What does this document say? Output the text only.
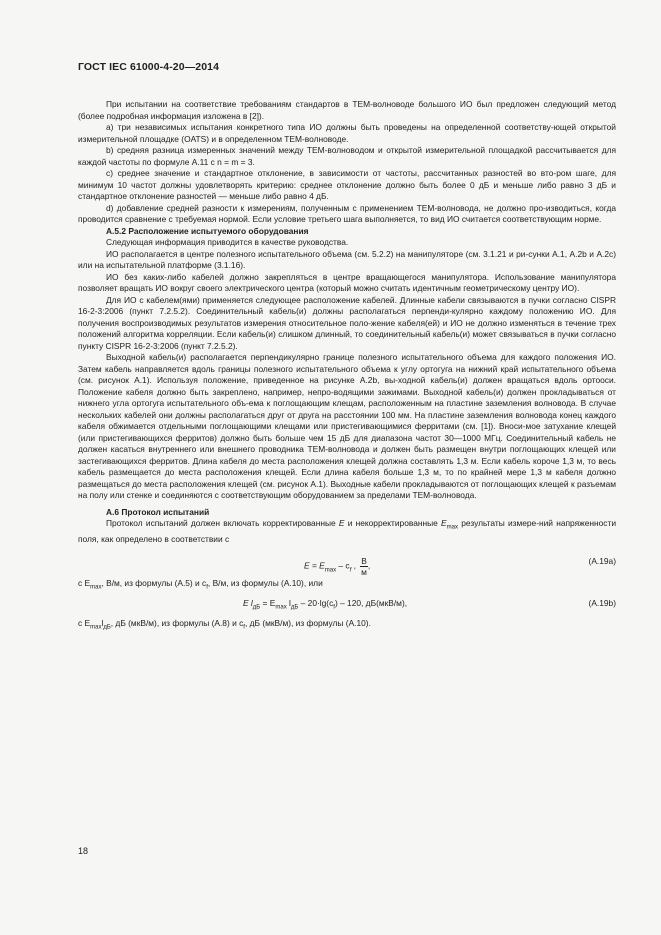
ГОСТ IEC 61000-4-20—2014

При испытании на соответствие требованиям стандартов в ТЕМ-волноводе большого ИО был предложен следующий метод (более подробная информация изложена в [2]).

a) три независимых испытания конкретного типа ИО должны быть проведены на определенной соответству-ющей открытой измерительной площадке (OATS) и в определенном ТЕМ-волноводе.

b) средняя разница измеренных значений между ТЕМ-волноводом и открытой измерительной площадкой рассчитывается для каждой частоты по формуле А.11 с n = m = 3.

c) среднее значение и стандартное отклонение, в зависимости от частоты, рассчитанных разностей во вто-ром шаге, для минимум 10 частот должны удовлетворять критерию: среднее отклонение должно быть более 0 дБ и меньше либо равно 3 дБ и стандартное отклонение разностей — меньше либо равно 4 дБ.

d) добавление средней разности к измерениям, полученным с применением ТЕМ-волновода, не должно про-изводиться, когда проводится сравнение с требуемая нормой. Если условие третьего шага выполняется, то вид ИО считается соответствующим норме.

А.5.2 Расположение испытуемого оборудования

Следующая информация приводится в качестве руководства.

ИО располагается в центре полезного испытательного объема (см. 5.2.2) на манипуляторе (см. 3.1.21 и ри-сунки А.1, А.2b и А.2c) или на испытательной платформе (3.1.16).

ИО без каких-либо кабелей должно закрепляться в центре вращающегося манипулятора. Использование манипулятора позволяет вращать ИО вокруг своего электрического центра (который можно считать идентичным геометрическому центру ИО).

Для ИО с кабелем(ями) применяется следующее расположение кабелей. Длинные кабели связываются в пучки согласно CISPR 16-2-3:2006 (пункт 7.2.5.2). Соединительный кабель(и) должны располагаться перпенди-кулярно каждому положению ИО. Для получения воспроизводимых результатов измерения относительное поло-жение кабеля(ей) и ИО не должно изменяться в течение трех положений алгоритма корреляции. Если кабель(и) слишком длинный, то соединительный кабель(и) может связываться в пучки согласно пункту CISPR 16-2-3:2006 (пункт 7.2.5.2).

Выходной кабель(и) располагается перпендикулярно границе полезного испытательного объема для каждого положения ИО. Затем кабель направляется вдоль границы полезного испытательного объема к углу ортогуга на нижний край испытательного объема (см. рисунок А.1). Используя положение, приведенное на рисунке А.2b, вы-ходной кабель(и) должен вращаться вдоль ортооси. Положение кабеля должно быть закреплено, например, непро-водящими зажимами. Выходной кабель(и) должен прокладываться от нижнего угла ортогуга испытательного объ-ема к поглощающим клещам, расположенным на пластине заземления волновода. В случае нескольких кабелей они должны располагаться друг от друга на расстоянии 100 мм. На пластине заземления волновода конец каждого кабеля обжимается отдельными поглощающими клещами или пристегивающимися ферритами (см. [1]). Вноси-мое затухание клещей (или пристегивающихся ферритов) должно быть больше чем 15 дБ для диапазона частот 30—1000 МГц. Соединительный кабель не должен касаться внутреннего или внешнего проводника ТЕМ-волновода и должен быть размещен внутри поглощающих клещей или застегивающихся ферритов. Длина кабеля до места расположения клещей должна составлять 1,3 м. Если кабель короче 1,3 м, то весь кабель размещается до места расположения клещей. Если длина кабеля больше 1,3 м, то по крайней мере 1,3 м кабеля должно размещаться до места расположения клещей (см. рисунок А.1). Выходные кабели прокладываются от поглощающих клещей к разъемам на полу или стенке и соединяются с соответствующим оборудованием за пределами ТЕМ-волновода.

А.6 Протокол испытаний

Протокол испытаний должен включать корректированные E и некорректированные $E_{max}$ результаты измере-ний напряженности поля, как определено в соответствии с

$E = E_{max} - c_f$ , $\frac{В}{м}$ ,	(А.19а)

с $E_{max}$, В/м, из формулы (А.5) и $c_f$, В/м, из формулы (А.10), или

E $l_{дБ} = E_{max}$ $l_{дБ} - 20\cdot\lg(c_f) - 120$, дБ(мкВ/м),	(А.19b)

с $E_{max}l_{дБ}$, дБ (мкВ/м), из формулы (А.8) и $c_f$, дБ (мкВ/м), из формулы (А.10).

18
